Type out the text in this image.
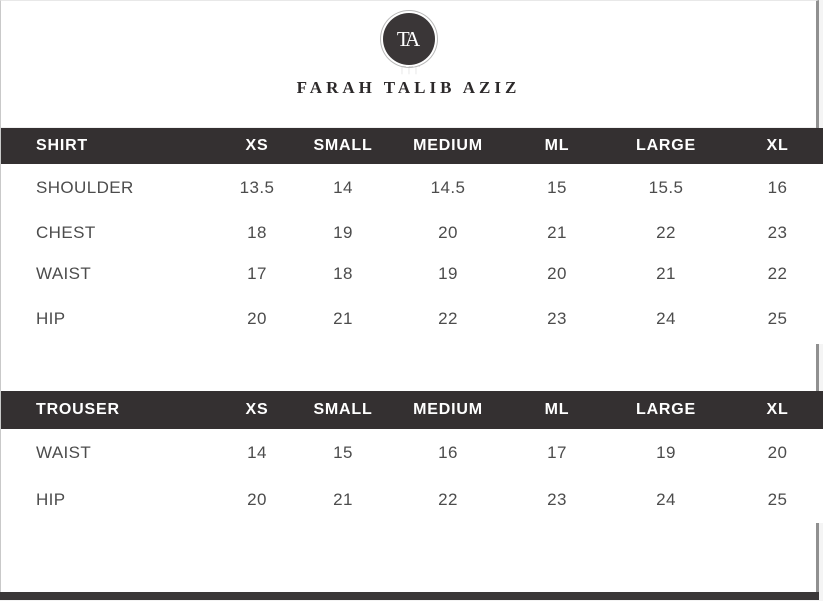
TA
⎾⎾⎾
FARAH TALIB AZIZ
SHIRT	XS	SMALL	MEDIUM	ML	LARGE	XL
SHOULDER	13.5	14	14.5	15	15.5	16
CHEST	18	19	20	21	22	23
WAIST	17	18	19	20	21	22
HIP	20	21	22	23	24	25
TROUSER	XS	SMALL	MEDIUM	ML	LARGE	XL
WAIST	14	15	16	17	19	20
HIP	20	21	22	23	24	25
